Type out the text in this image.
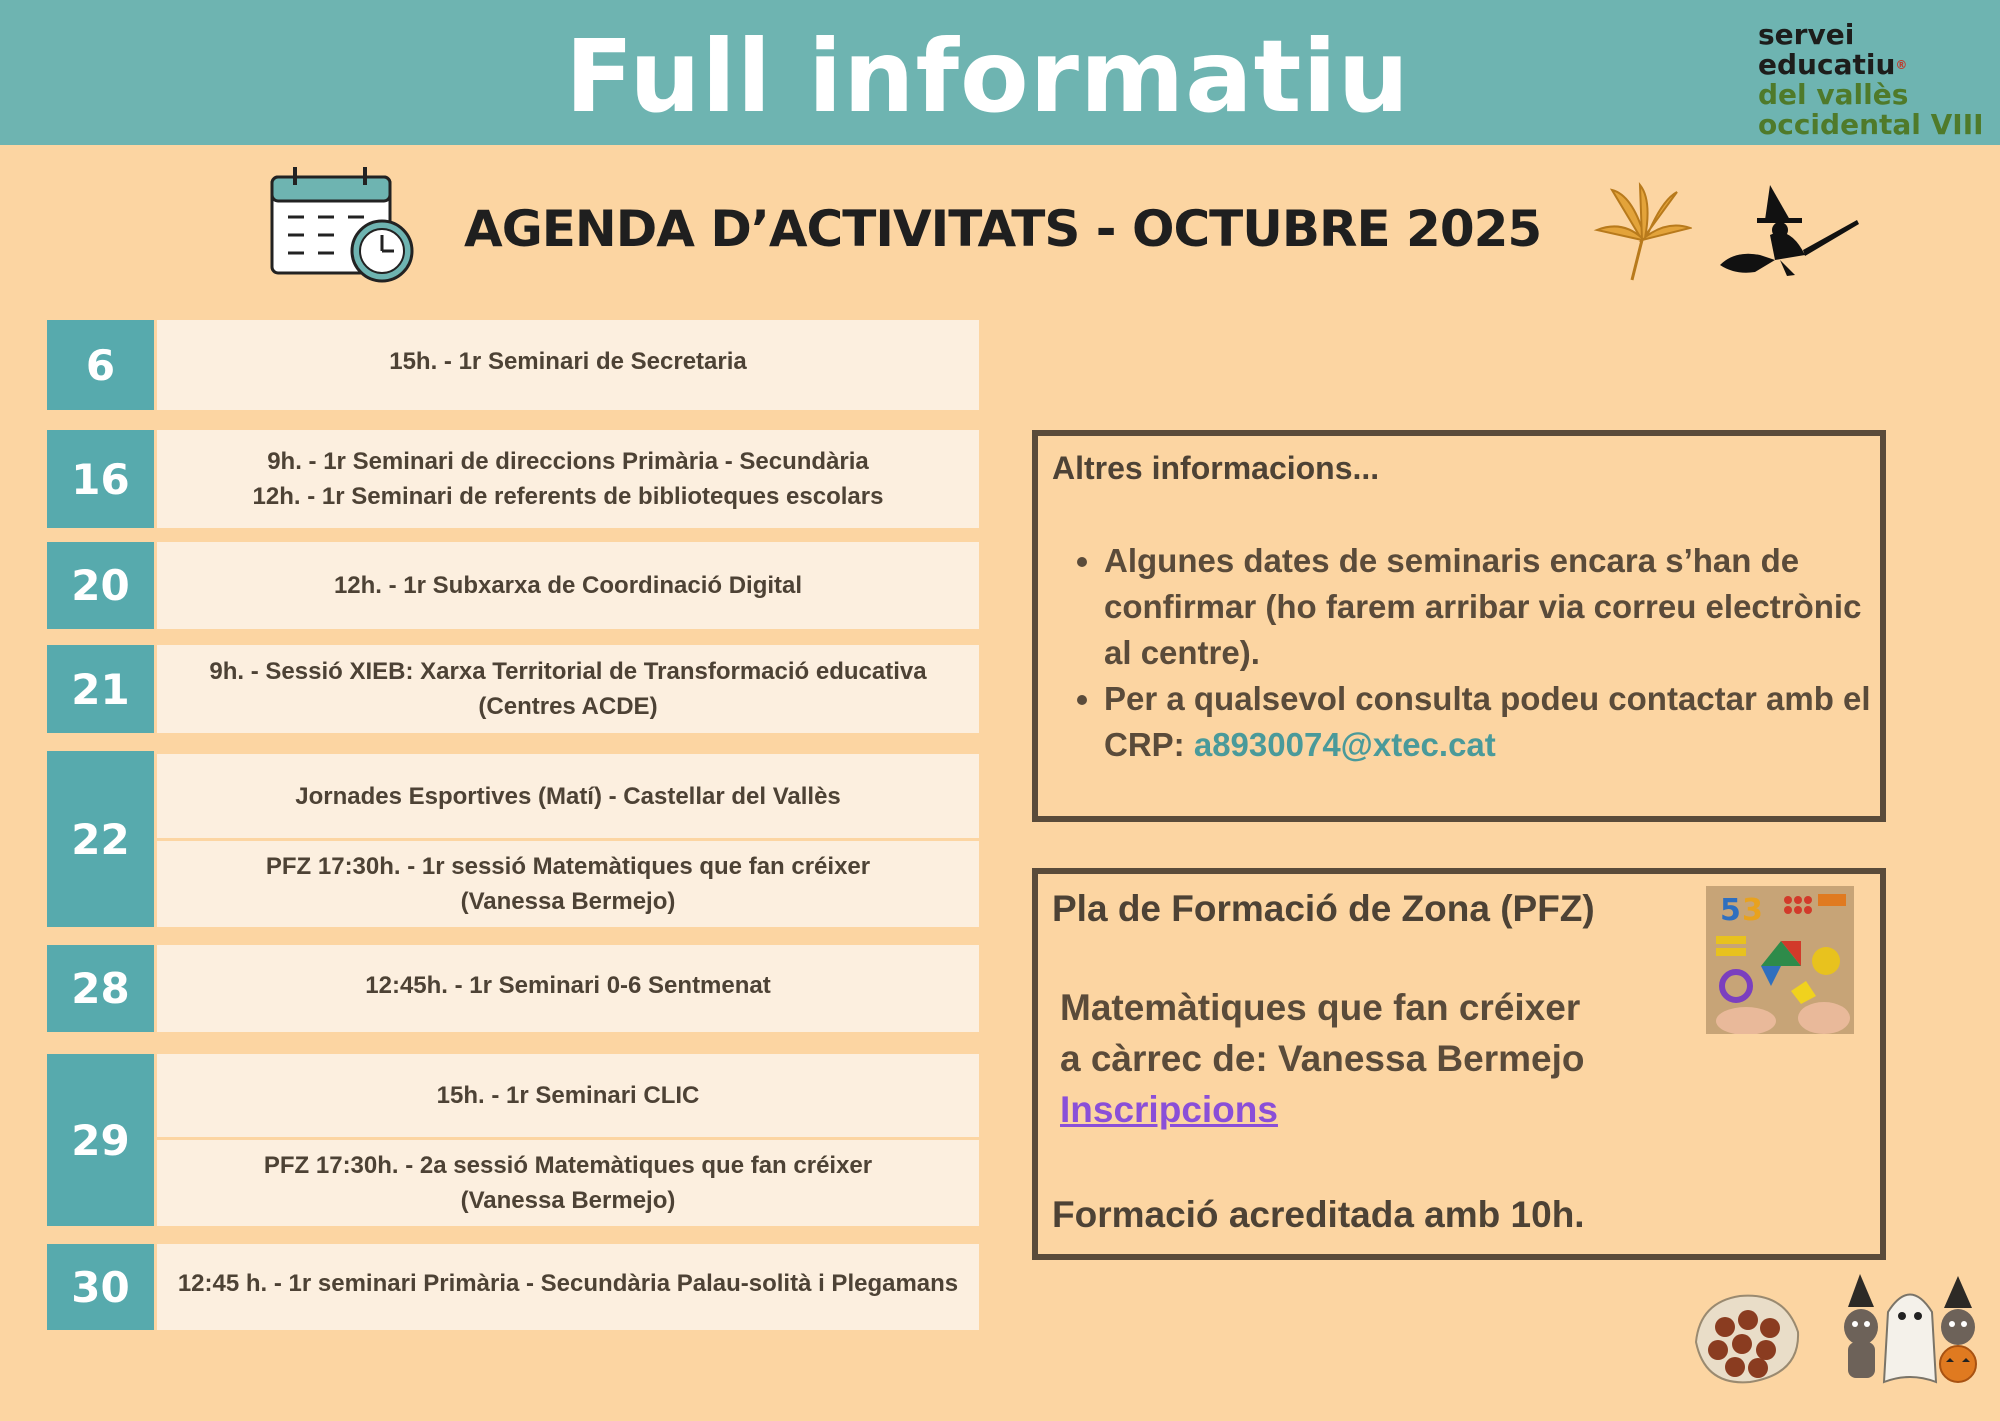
Full informatiu	servei
educatiu®
del vallès
occidental VIII
AGENDA D’ACTIVITATS - OCTUBRE 2025
6	15h. - 1r Seminari de Secretaria
16	9h. - 1r Seminari de direccions Primària - Secundària
12h. - 1r Seminari de referents de biblioteques escolars
20	12h. - 1r Subxarxa de Coordinació Digital
21	9h. - Sessió XIEB: Xarxa Territorial de Transformació educativa
(Centres ACDE)
22
Jornades Esportives (Matí) - Castellar del Vallès
PFZ 17:30h. - 1r sessió Matemàtiques que fan créixer
(Vanessa Bermejo)
28	12:45h. - 1r Seminari 0-6 Sentmenat
29
15h. - 1r Seminari CLIC
PFZ 17:30h. - 2a sessió Matemàtiques que fan créixer
(Vanessa Bermejo)
30	12:45 h. - 1r seminari Primària - Secundària Palau-solità i Plegamans
Altres informacions...
• Algunes dates de seminaris encara s’han de confirmar (ho farem arribar via correu electrònic al centre).
• Per a qualsevol consulta podeu contactar amb el CRP: a8930074@xtec.cat
Pla de Formació de Zona (PFZ)
Matemàtiques que fan créixer
a càrrec de: Vanessa Bermejo
Inscripcions
Formació acreditada amb 10h.
5 3
